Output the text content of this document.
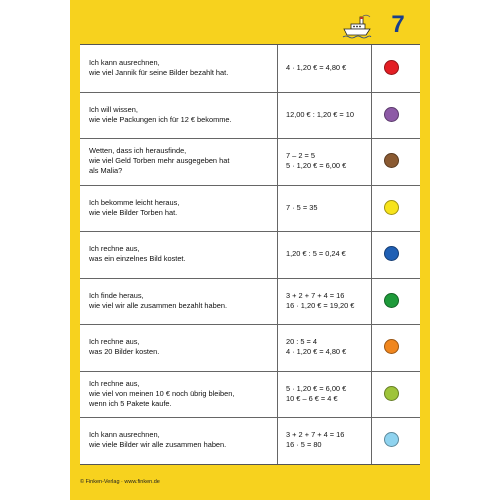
7
Ich kann ausrechnen,
wie viel Jannik für seine Bilder bezahlt hat.
4 · 1,20 € = 4,80 €
Ich will wissen,
wie viele Packungen ich für 12 € bekomme.
12,00 € : 1,20 € = 10
Wetten, dass ich herausfinde,
wie viel Geld Torben mehr ausgegeben hat
als Malia?
7 – 2 = 5
5 · 1,20 € = 6,00 €
Ich bekomme leicht heraus,
wie viele Bilder Torben hat.
7 · 5 = 35
Ich rechne aus,
was ein einzelnes Bild kostet.
1,20 € : 5 = 0,24 €
Ich finde heraus,
wie viel wir alle zusammen bezahlt haben.
3 + 2 + 7 + 4 = 16
16 · 1,20 € = 19,20 €
Ich rechne aus,
was 20 Bilder kosten.
20 : 5 = 4
4 · 1,20 € = 4,80 €
Ich rechne aus,
wie viel von meinen 10 € noch übrig bleiben,
wenn ich 5 Pakete kaufe.
5 · 1,20 € = 6,00 €
10 € – 6 € = 4 €
Ich kann ausrechnen,
wie viele Bilder wir alle zusammen haben.
3 + 2 + 7 + 4 = 16
16 · 5 = 80
© Finken-Verlag · www.finken.de
